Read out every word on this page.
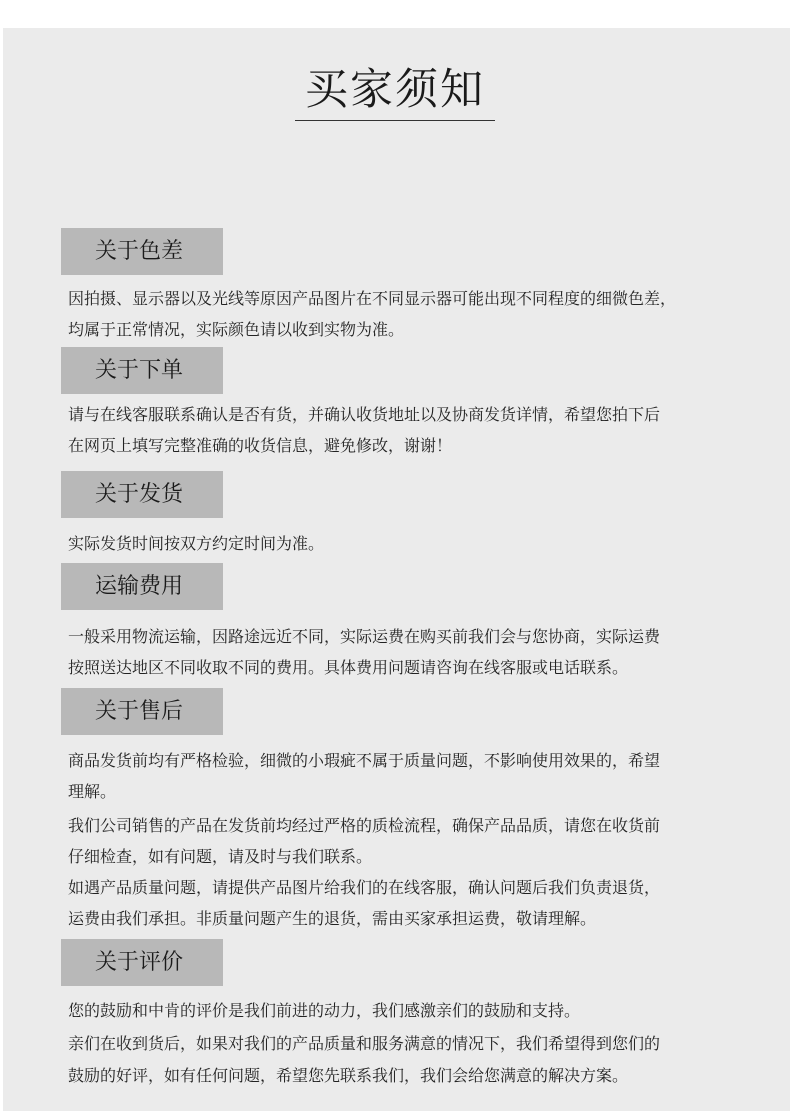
买家须知
关于色差
因拍摄、显示器以及光线等原因产品图片在不同显示器可能出现不同程度的细微色差，
均属于正常情况，实际颜色请以收到实物为准。
关于下单
请与在线客服联系确认是否有货，并确认收货地址以及协商发货详情，希望您拍下后
在网页上填写完整准确的收货信息，避免修改，谢谢！
关于发货
实际发货时间按双方约定时间为准。
运输费用
一般采用物流运输，因路途远近不同，实际运费在购买前我们会与您协商，实际运费
按照送达地区不同收取不同的费用。具体费用问题请咨询在线客服或电话联系。
关于售后
商品发货前均有严格检验，细微的小瑕疵不属于质量问题，不影响使用效果的，希望
理解。
我们公司销售的产品在发货前均经过严格的质检流程，确保产品品质，请您在收货前
仔细检查，如有问题，请及时与我们联系。
如遇产品质量问题，请提供产品图片给我们的在线客服，确认问题后我们负责退货，
运费由我们承担。非质量问题产生的退货，需由买家承担运费，敬请理解。
关于评价
您的鼓励和中肯的评价是我们前进的动力，我们感激亲们的鼓励和支持。
亲们在收到货后，如果对我们的产品质量和服务满意的情况下，我们希望得到您们的
鼓励的好评，如有任何问题，希望您先联系我们，我们会给您满意的解决方案。
